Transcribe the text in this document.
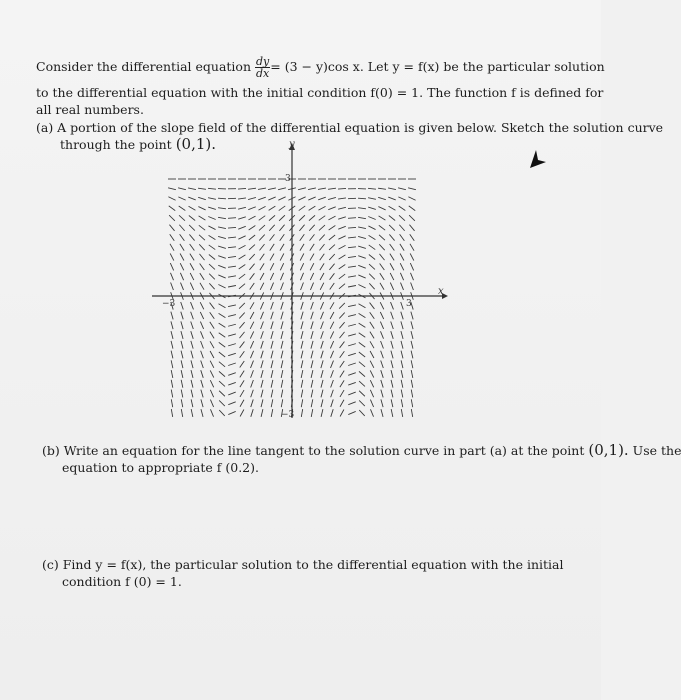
Consider the differential equation $\frac{dy}{dx} = (3 - y)\cos$ x. Let y = f(x) be the particular solution
to the differential equation with the initial condition f(0) = 1. The function f is defined for
all real numbers.
(a) A portion of the slope field of the differential equation is given below. Sketch the solution curve
through the point (0,1).	y
x
3
−3
−3	3
(b) Write an equation for the line tangent to the solution curve in part (a) at the point (0,1). Use the
equation to appropriate f (0.2).
(c) Find y = f(x), the particular solution to the differential equation with the initial
condition f (0) = 1.
